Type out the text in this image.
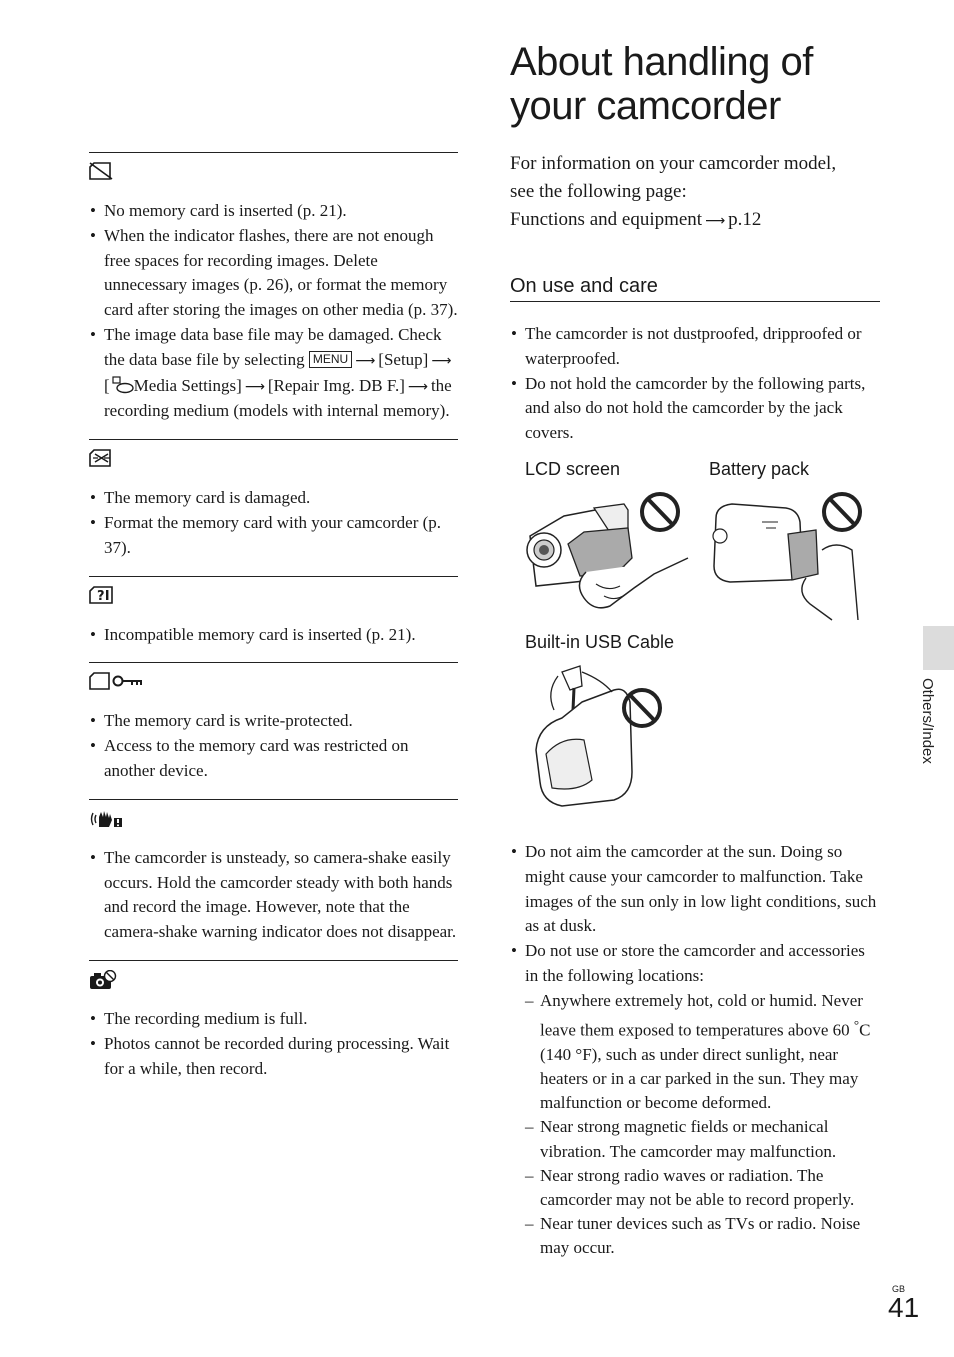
• No memory card is inserted (p. 21).
• When the indicator flashes, there are not enough free spaces for recording images. Delete unnecessary images (p. 26), or format the memory card after storing the images on other media (p. 37).
• The image data base file may be damaged. Check the data base file by selecting MENU ⟶ [Setup] ⟶[ Media Settings] ⟶ [Repair Img. DB F.] ⟶ the recording medium (models with internal memory).
• The memory card is damaged.
• Format the memory card with your camcorder (p. 37).
?
• Incompatible memory card is inserted (p. 21).
• The memory card is write-protected.
• Access to the memory card was restricted on another device.
• The camcorder is unsteady, so camera-shake easily occurs. Hold the camcorder steady with both hands and record the image. However, note that the camera-shake warning indicator does not disappear.
• The recording medium is full.
• Photos cannot be recorded during processing. Wait for a while, then record.
About handling of
your camcorder
For information on your camcorder model,
see the following page:
Functions and equipment ⟶ p.12
On use and care
• The camcorder is not dustproofed, dripproofed or waterproofed.
• Do not hold the camcorder by the following parts, and also do not hold the camcorder by the jack covers.
• Do not aim the camcorder at the sun. Doing so might cause your camcorder to malfunction. Take images of the sun only in low light conditions, such as at dusk.
• Do not use or store the camcorder and accessories in the following locations:
– Anywhere extremely hot, cold or humid. Never leave them exposed to temperatures above 60 °C (140 °F), such as under direct sunlight, near heaters or in a car parked in the sun. They may malfunction or become deformed.
– Near strong magnetic fields or mechanical vibration. The camcorder may malfunction.
– Near strong radio waves or radiation. The camcorder may not be able to record properly.
– Near tuner devices such as TVs or radio. Noise may occur.
LCD screen	Battery pack
Built-in USB Cable
Others/Index
GB
41
